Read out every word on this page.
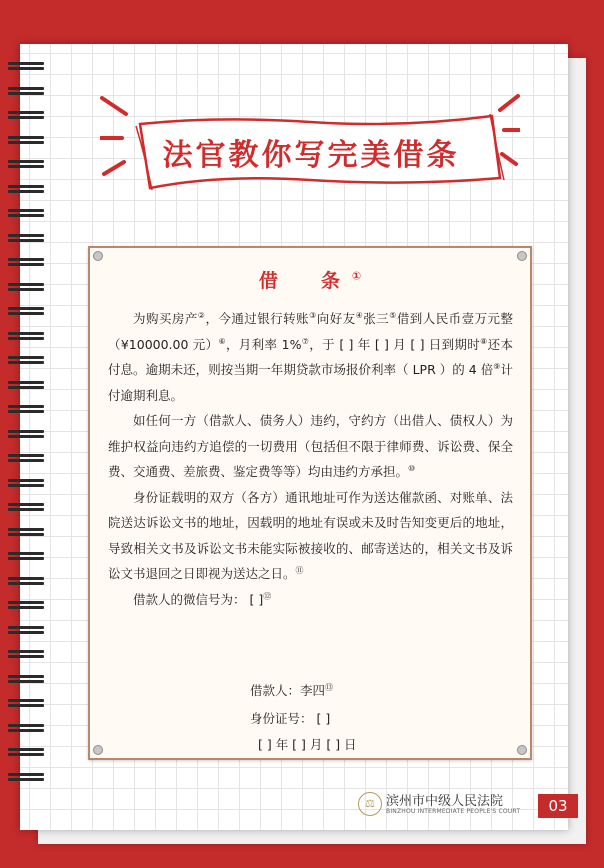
法官教你写完美借条
借　条①

为购买房产②，今通过银行转账③向好友④张三⑤借到人民币壹万元整（¥10000.00 元）⑥，月利率 1%⑦，于 [ ] 年 [ ] 月 [ ] 日到期时⑧还本付息。逾期未还，则按当期一年期贷款市场报价利率（ LPR ）的 4 倍⑨计付逾期利息。

如任何一方（借款人、债务人）违约，守约方（出借人、债权人）为维护权益向违约方追偿的一切费用（包括但不限于律师费、诉讼费、保全费、交通费、差旅费、鉴定费等等）均由违约方承担。⑩

身份证载明的双方（各方）通讯地址可作为送达催款函、对账单、法院送达诉讼文书的地址，因载明的地址有误或未及时告知变更后的地址，导致相关文书及诉讼文书未能实际被接收的、邮寄送达的，相关文书及诉讼文书退回之日即视为送达之日。⑪

借款人的微信号为： [ ]⑫

借款人：李四⑬
身份证号： [ ]
[ ] 年 [ ] 月 [ ] 日
⚖ 滨州市中级人民法院
BINZHOU INTERMEDIATE PEOPLE'S COURT	03
